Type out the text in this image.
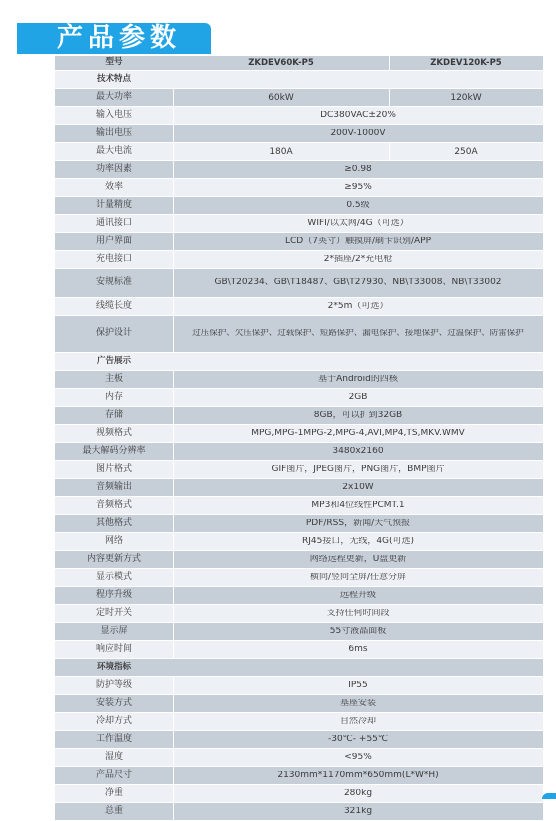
产品参数
型号	ZKDEV60K-P5	ZKDEV120K-P5
技术特点
最大功率	60kW	120kW
输入电压	DC380VAC±20%
输出电压	200V-1000V
最大电流	180A	250A
功率因素	≥0.98
效率	≥95%
计量精度	0.5级
通讯接口	WIFI/以太网/4G（可选）
用户界面	LCD（7英寸）触摸屏/刷卡识别/APP
充电接口	2*插座/2*充电枪
安规标准	GB\T20234、GB\T18487、GB\T27930、NB\T33008、NB\T33002
线缆长度	2*5m（可选）
保护设计	过压保护、欠压保护、过载保护、短路保护、漏电保护、接地保护、过温保护、防雷保护
广告展示
主板	基于Android的四核
内存	2GB
存储	8GB，可以扩到32GB
视频格式	MPG,MPG-1MPG-2,MPG-4,AVI,MP4,TS,MKV.WMV
最大解码分辨率	3480x2160
图片格式	GIF图片，JPEG图片，PNG图片，BMP图片
音频输出	2x10W
音频格式	MP3和4位线性PCMT.1
其他格式	PDF/RSS，新闻/天气预报
网络	RJ45接口，无线，4G(可选)
内容更新方式	网络远程更新，U盘更新
显示模式	横向/竖向全屏/任意分屏
程序升级	远程升级
定时开关	支持任何时间段
显示屏	55寸液晶面板
响应时间	6ms
环境指标
防护等级	IP55
安装方式	基座安装
冷却方式	自然冷却
工作温度	-30℃- +55℃
湿度	<95%
产品尺寸	2130mm*1170mm*650mm(L*W*H)
净重	280kg
总重	321kg
